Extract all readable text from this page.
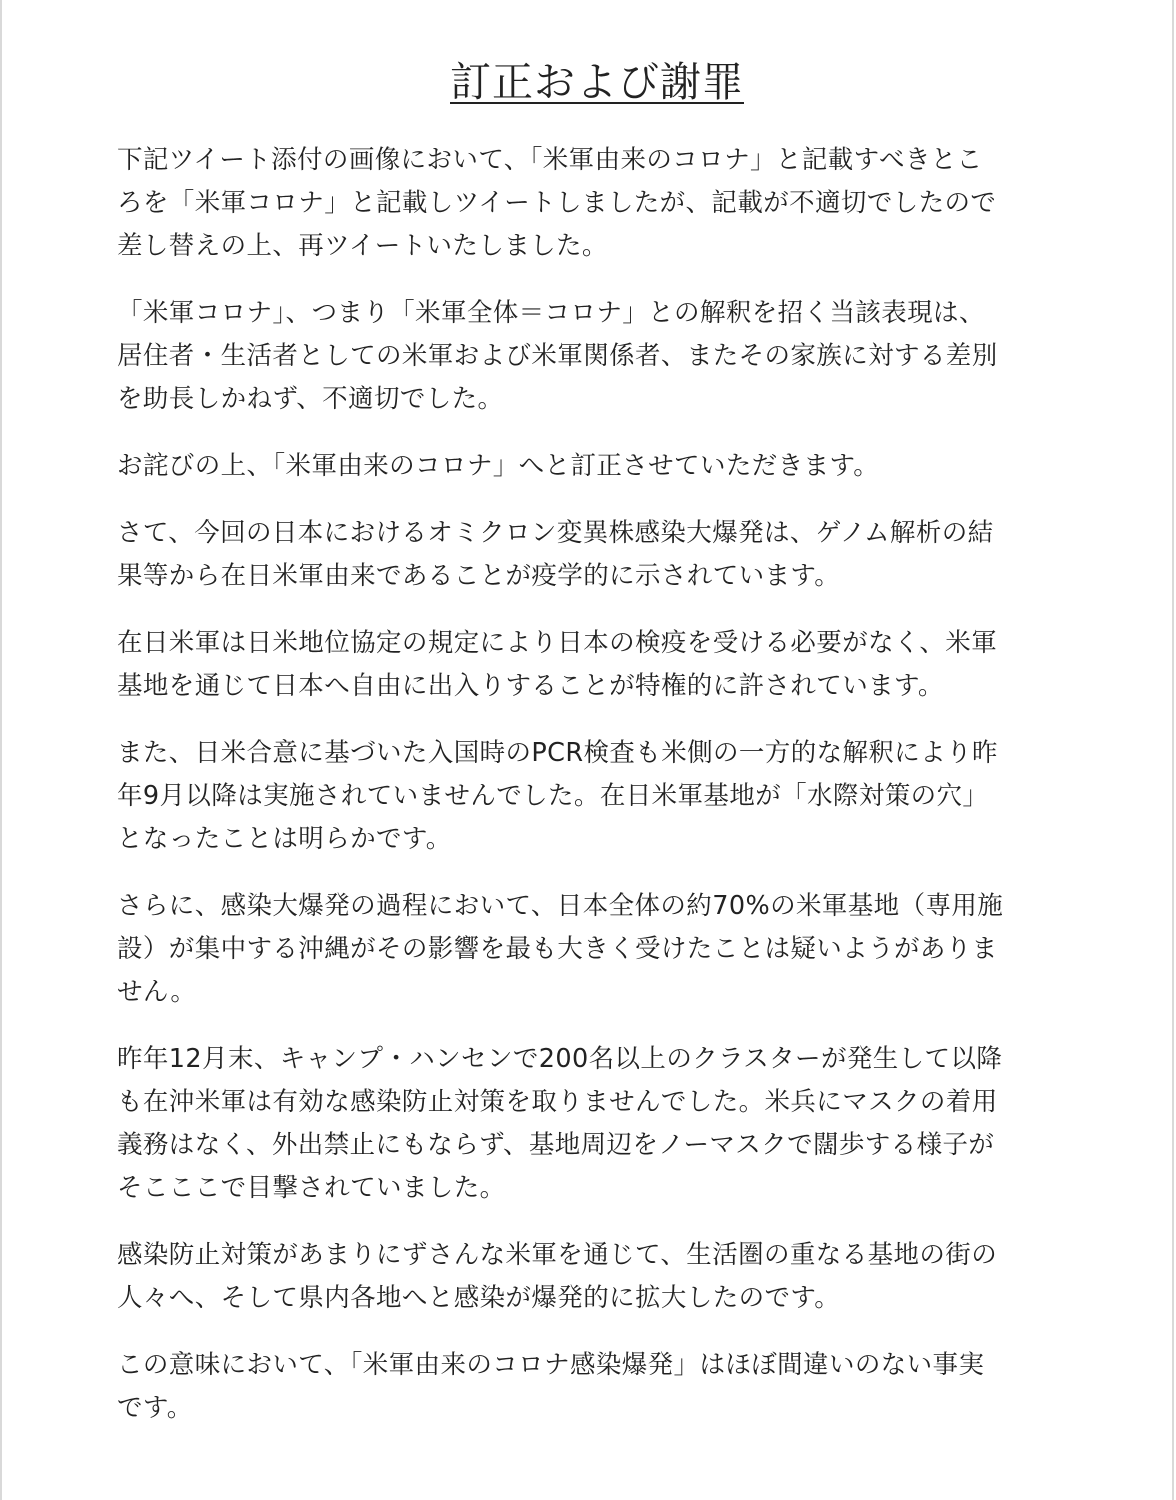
訂正および謝罪

下記ツイート添付の画像において、「米軍由来のコロナ」と記載すべきとこ
ろを「米軍コロナ」と記載しツイートしましたが、記載が不適切でしたので
差し替えの上、再ツイートいたしました。

「米軍コロナ」、つまり「米軍全体＝コロナ」との解釈を招く当該表現は、
居住者・生活者としての米軍および米軍関係者、またその家族に対する差別
を助長しかねず、不適切でした。

お詫びの上、「米軍由来のコロナ」へと訂正させていただきます。

さて、今回の日本におけるオミクロン変異株感染大爆発は、ゲノム解析の結
果等から在日米軍由来であることが疫学的に示されています。

在日米軍は日米地位協定の規定により日本の検疫を受ける必要がなく、米軍
基地を通じて日本へ自由に出入りすることが特権的に許されています。

また、日米合意に基づいた入国時のPCR検査も米側の一方的な解釈により昨
年9月以降は実施されていませんでした。在日米軍基地が「水際対策の穴」
となったことは明らかです。

さらに、感染大爆発の過程において、日本全体の約70%の米軍基地（専用施
設）が集中する沖縄がその影響を最も大きく受けたことは疑いようがありま
せん。

昨年12月末、キャンプ・ハンセンで200名以上のクラスターが発生して以降
も在沖米軍は有効な感染防止対策を取りませんでした。米兵にマスクの着用
義務はなく、外出禁止にもならず、基地周辺をノーマスクで闊歩する様子が
そこここで目撃されていました。

感染防止対策があまりにずさんな米軍を通じて、生活圏の重なる基地の街の
人々へ、そして県内各地へと感染が爆発的に拡大したのです。

この意味において、「米軍由来のコロナ感染爆発」はほぼ間違いのない事実
です。
